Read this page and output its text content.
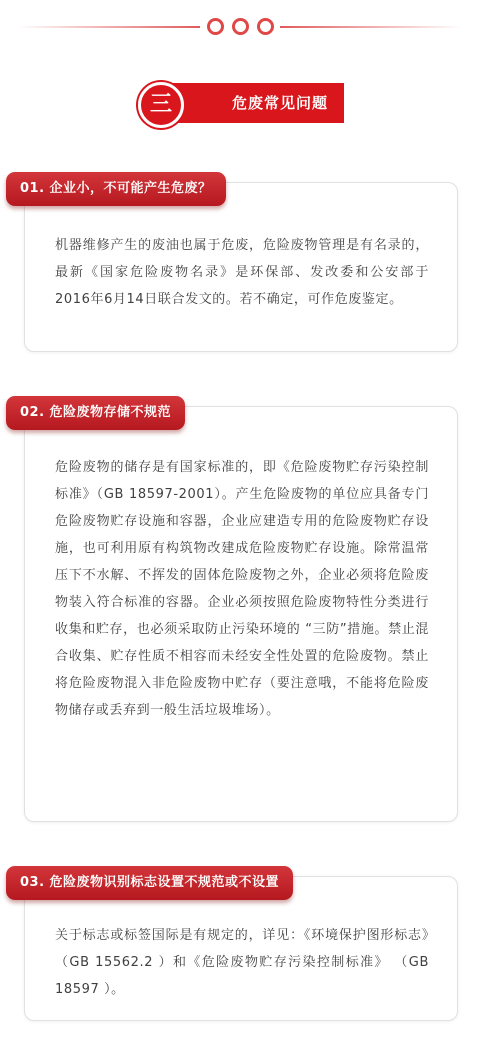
危废常见问题
三
机器维修产生的废油也属于危废，危险废物管理是有名录的，最新《国家危险废物名录》是环保部、发改委和公安部于2016年6月14日联合发文的。若不确定，可作危废鉴定。
01. 企业小，不可能产生危废？
危险废物的储存是有国家标准的，即《危险废物贮存污染控制标准》（GB 18597-2001）。产生危险废物的单位应具备专门危险废物贮存设施和容器，企业应建造专用的危险废物贮存设施，也可利用原有构筑物改建成危险废物贮存设施。除常温常压下不水解、不挥发的固体危险废物之外，企业必须将危险废物装入符合标准的容器。企业必须按照危险废物特性分类进行收集和贮存，也必须采取防止污染环境的 “三防”措施。禁止混合收集、贮存性质不相容而未经安全性处置的危险废物。禁止将危险废物混入非危险废物中贮存（要注意哦，不能将危险废物储存或丢弃到一般生活垃圾堆场）。
02. 危险废物存储不规范
关于标志或标签国际是有规定的，详见：《环境保护图形标志》（GB 15562.2 ）和《危险废物贮存污染控制标准》 （GB 18597 ）。
03. 危险废物识别标志设置不规范或不设置
